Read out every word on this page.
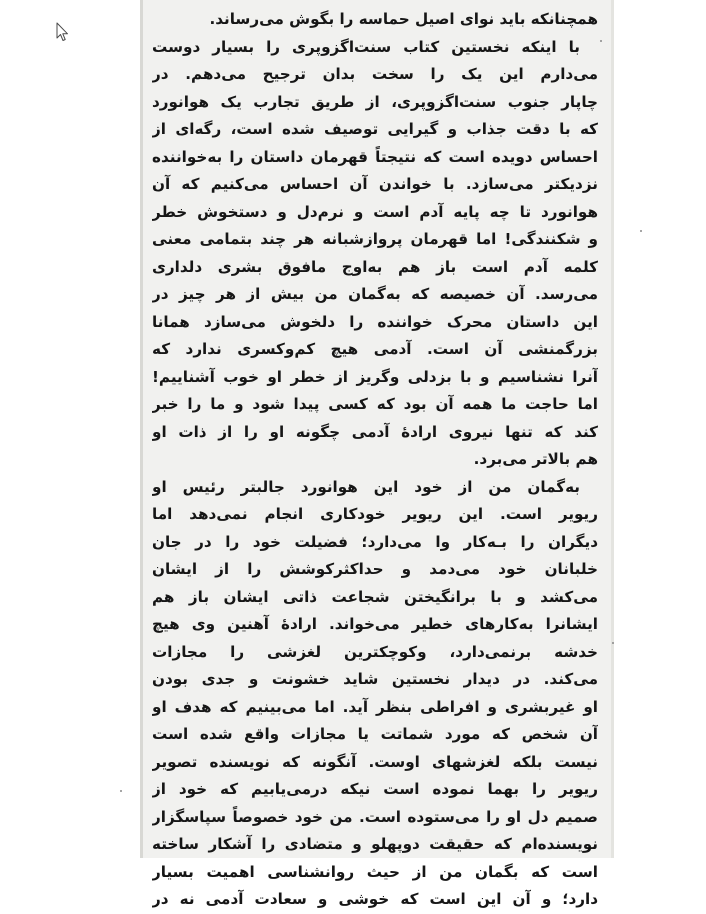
همچنانکه باید نوای اصیل حماسه را بگوش می‌رساند.
با اینکه نخستین کتاب سنت‌اگزوپری را بسیار دوست
می‌دارم این یک را سخت بدان ترجیح می‌دهم. در
چاپار جنوب سنت‌اگزوپری، از طریق تجارب یک هوانورد
که با دقت جذاب و گیرایی توصیف شده است، رگه‌ای از
احساس دویده است که نتیجتاً قهرمان داستان را به‌خواننده
نزدیکتر می‌سازد. با خواندن آن احساس می‌کنیم که آن
هوانورد تا چه پایه آدم است و نرم‌دل و دستخوش خطر
و شکنندگی! اما قهرمان پروازشبانه هر چند بتمامی معنی
کلمه آدم است باز هم به‌اوج مافوق بشری دلداری
می‌رسد. آن خصیصه که به‌گمان من بیش از هر چیز در
این داستان محرک خواننده را دلخوش می‌سازد همانا
بزرگمنشی آن است. آدمی هیچ کم‌وکسری ندارد که
آنرا نشناسیم و با بزدلی وگریز از خطر او خوب آشناییم!
اما حاجت ما همه آن بود که کسی پیدا شود و ما را خبر
کند که تنها نیروی ارادهٔ آدمی چگونه او را از ذات او
هم بالاتر می‌برد.
به‌گمان من از خود این هوانورد جالبتر رئیس او
ریویر است. این ریویر خودکاری انجام نمی‌دهد اما
دیگران را بـه‌کار وا می‌دارد؛ فضیلت خود را در جان
خلبانان خود می‌دمد و حداکثرکوشش را از ایشان
می‌کشد و با برانگیختن شجاعت ذاتی ایشان باز هم
ایشانرا به‌کارهای خطیر می‌خواند. ارادهٔ آهنین وی هیچ
خدشه برنمی‌دارد، وکوچکترین لغزشی را مجازات
می‌کند. در دیدار نخستین شاید خشونت و جدی بودن
او غیربشری و افراطی بنظر آید. اما می‌بینیم که هدف او
آن شخص که مورد شماتت یا مجازات واقع شده است
نیست بلکه لغزشهای اوست. آنگونه که نویسنده تصویر
ریویر را بهما نموده است نیکه درمی‌یابیم که خود از
صمیم دل او را می‌ستوده است. من خود خصوصاً سپاسگزار
نویسنده‌ام که حقیقت دوپهلو و متضادی را آشکار ساخته
است که بگمان من از حیث روانشناسی اهمیت بسیار
دارد؛ و آن این است که خوشی و سعادت آدمی نه در
